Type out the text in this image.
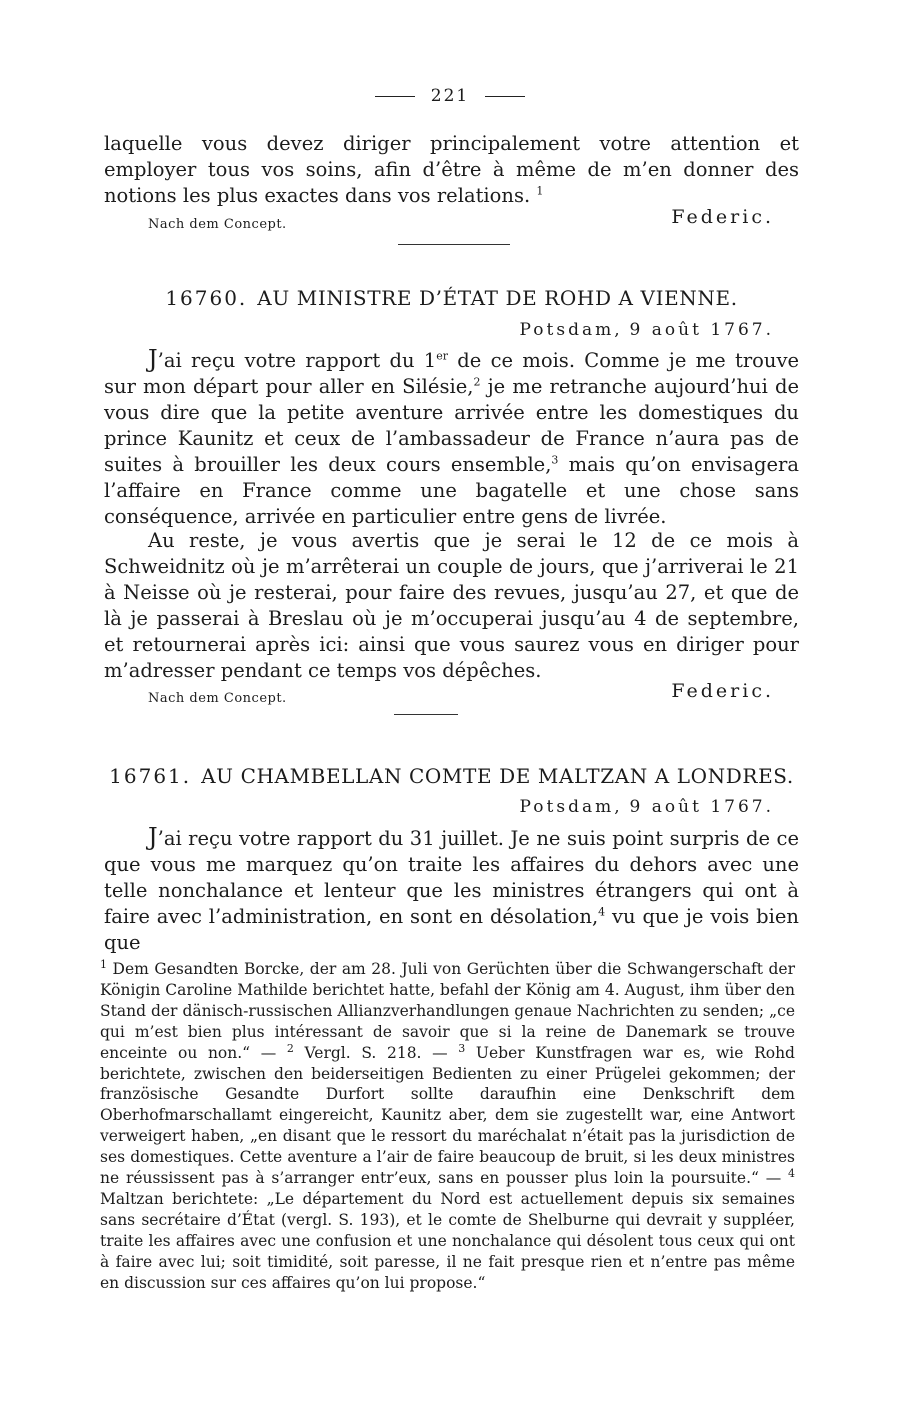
221
laquelle vous devez diriger principalement votre attention et employer tous vos soins, afin d’être à même de m’en donner des notions les plus exactes dans vos relations. $^1$
Nach dem Concept.	Federic.
16760. AU MINISTRE D’ÉTAT DE ROHD A VIENNE.
Potsdam, 9 août 1767.
J’ai reçu votre rapport du 1er de ce mois. Comme je me trouve sur mon départ pour aller en Silésie,$^2$ je me retranche aujourd’hui de vous dire que la petite aventure arrivée entre les domestiques du prince Kaunitz et ceux de l’ambassadeur de France n’aura pas de suites à brouiller les deux cours ensemble,$^3$ mais qu’on envisagera l’affaire en France comme une bagatelle et une chose sans conséquence, arrivée en particulier entre gens de livrée.
Au reste, je vous avertis que je serai le 12 de ce mois à Schweidnitz où je m’arrêterai un couple de jours, que j’arriverai le 21 à Neisse où je resterai, pour faire des revues, jusqu’au 27, et que de là je passerai à Breslau où je m’occuperai jusqu’au 4 de septembre, et retournerai après ici: ainsi que vous saurez vous en diriger pour m’adresser pendant ce temps vos dépêches.
Nach dem Concept.	Federic.
16761. AU CHAMBELLAN COMTE DE MALTZAN A LONDRES.
Potsdam, 9 août 1767.
J’ai reçu votre rapport du 31 juillet. Je ne suis point surpris de ce que vous me marquez qu’on traite les affaires du dehors avec une telle nonchalance et lenteur que les ministres étrangers qui ont à faire avec l’administration, en sont en désolation,$^4$ vu que je vois bien que
$^1$ Dem Gesandten Borcke, der am 28. Juli von Gerüchten über die Schwangerschaft der Königin Caroline Mathilde berichtet hatte, befahl der König am 4. August, ihm über den Stand der dänisch-russischen Allianzverhandlungen genaue Nachrichten zu senden; „ce qui m’est bien plus intéressant de savoir que si la reine de Danemark se trouve enceinte ou non.“ — $^2$ Vergl. S. 218. — $^3$ Ueber Kunstfragen war es, wie Rohd berichtete, zwischen den beiderseitigen Bedienten zu einer Prügelei gekommen; der französische Gesandte Durfort sollte daraufhin eine Denkschrift dem Oberhofmarschallamt eingereicht, Kaunitz aber, dem sie zugestellt war, eine Antwort verweigert haben, „en disant que le ressort du maréchalat n’était pas la jurisdiction de ses domestiques. Cette aventure a l’air de faire beaucoup de bruit, si les deux ministres ne réussissent pas à s’arranger entr’eux, sans en pousser plus loin la poursuite.“ — $^4$ Maltzan berichtete: „Le département du Nord est actuellement depuis six semaines sans secrétaire d’État (vergl. S. 193), et le comte de Shelburne qui devrait y suppléer, traite les affaires avec une confusion et une nonchalance qui désolent tous ceux qui ont à faire avec lui; soit timidité, soit paresse, il ne fait presque rien et n’entre pas même en discussion sur ces affaires qu’on lui propose.“
